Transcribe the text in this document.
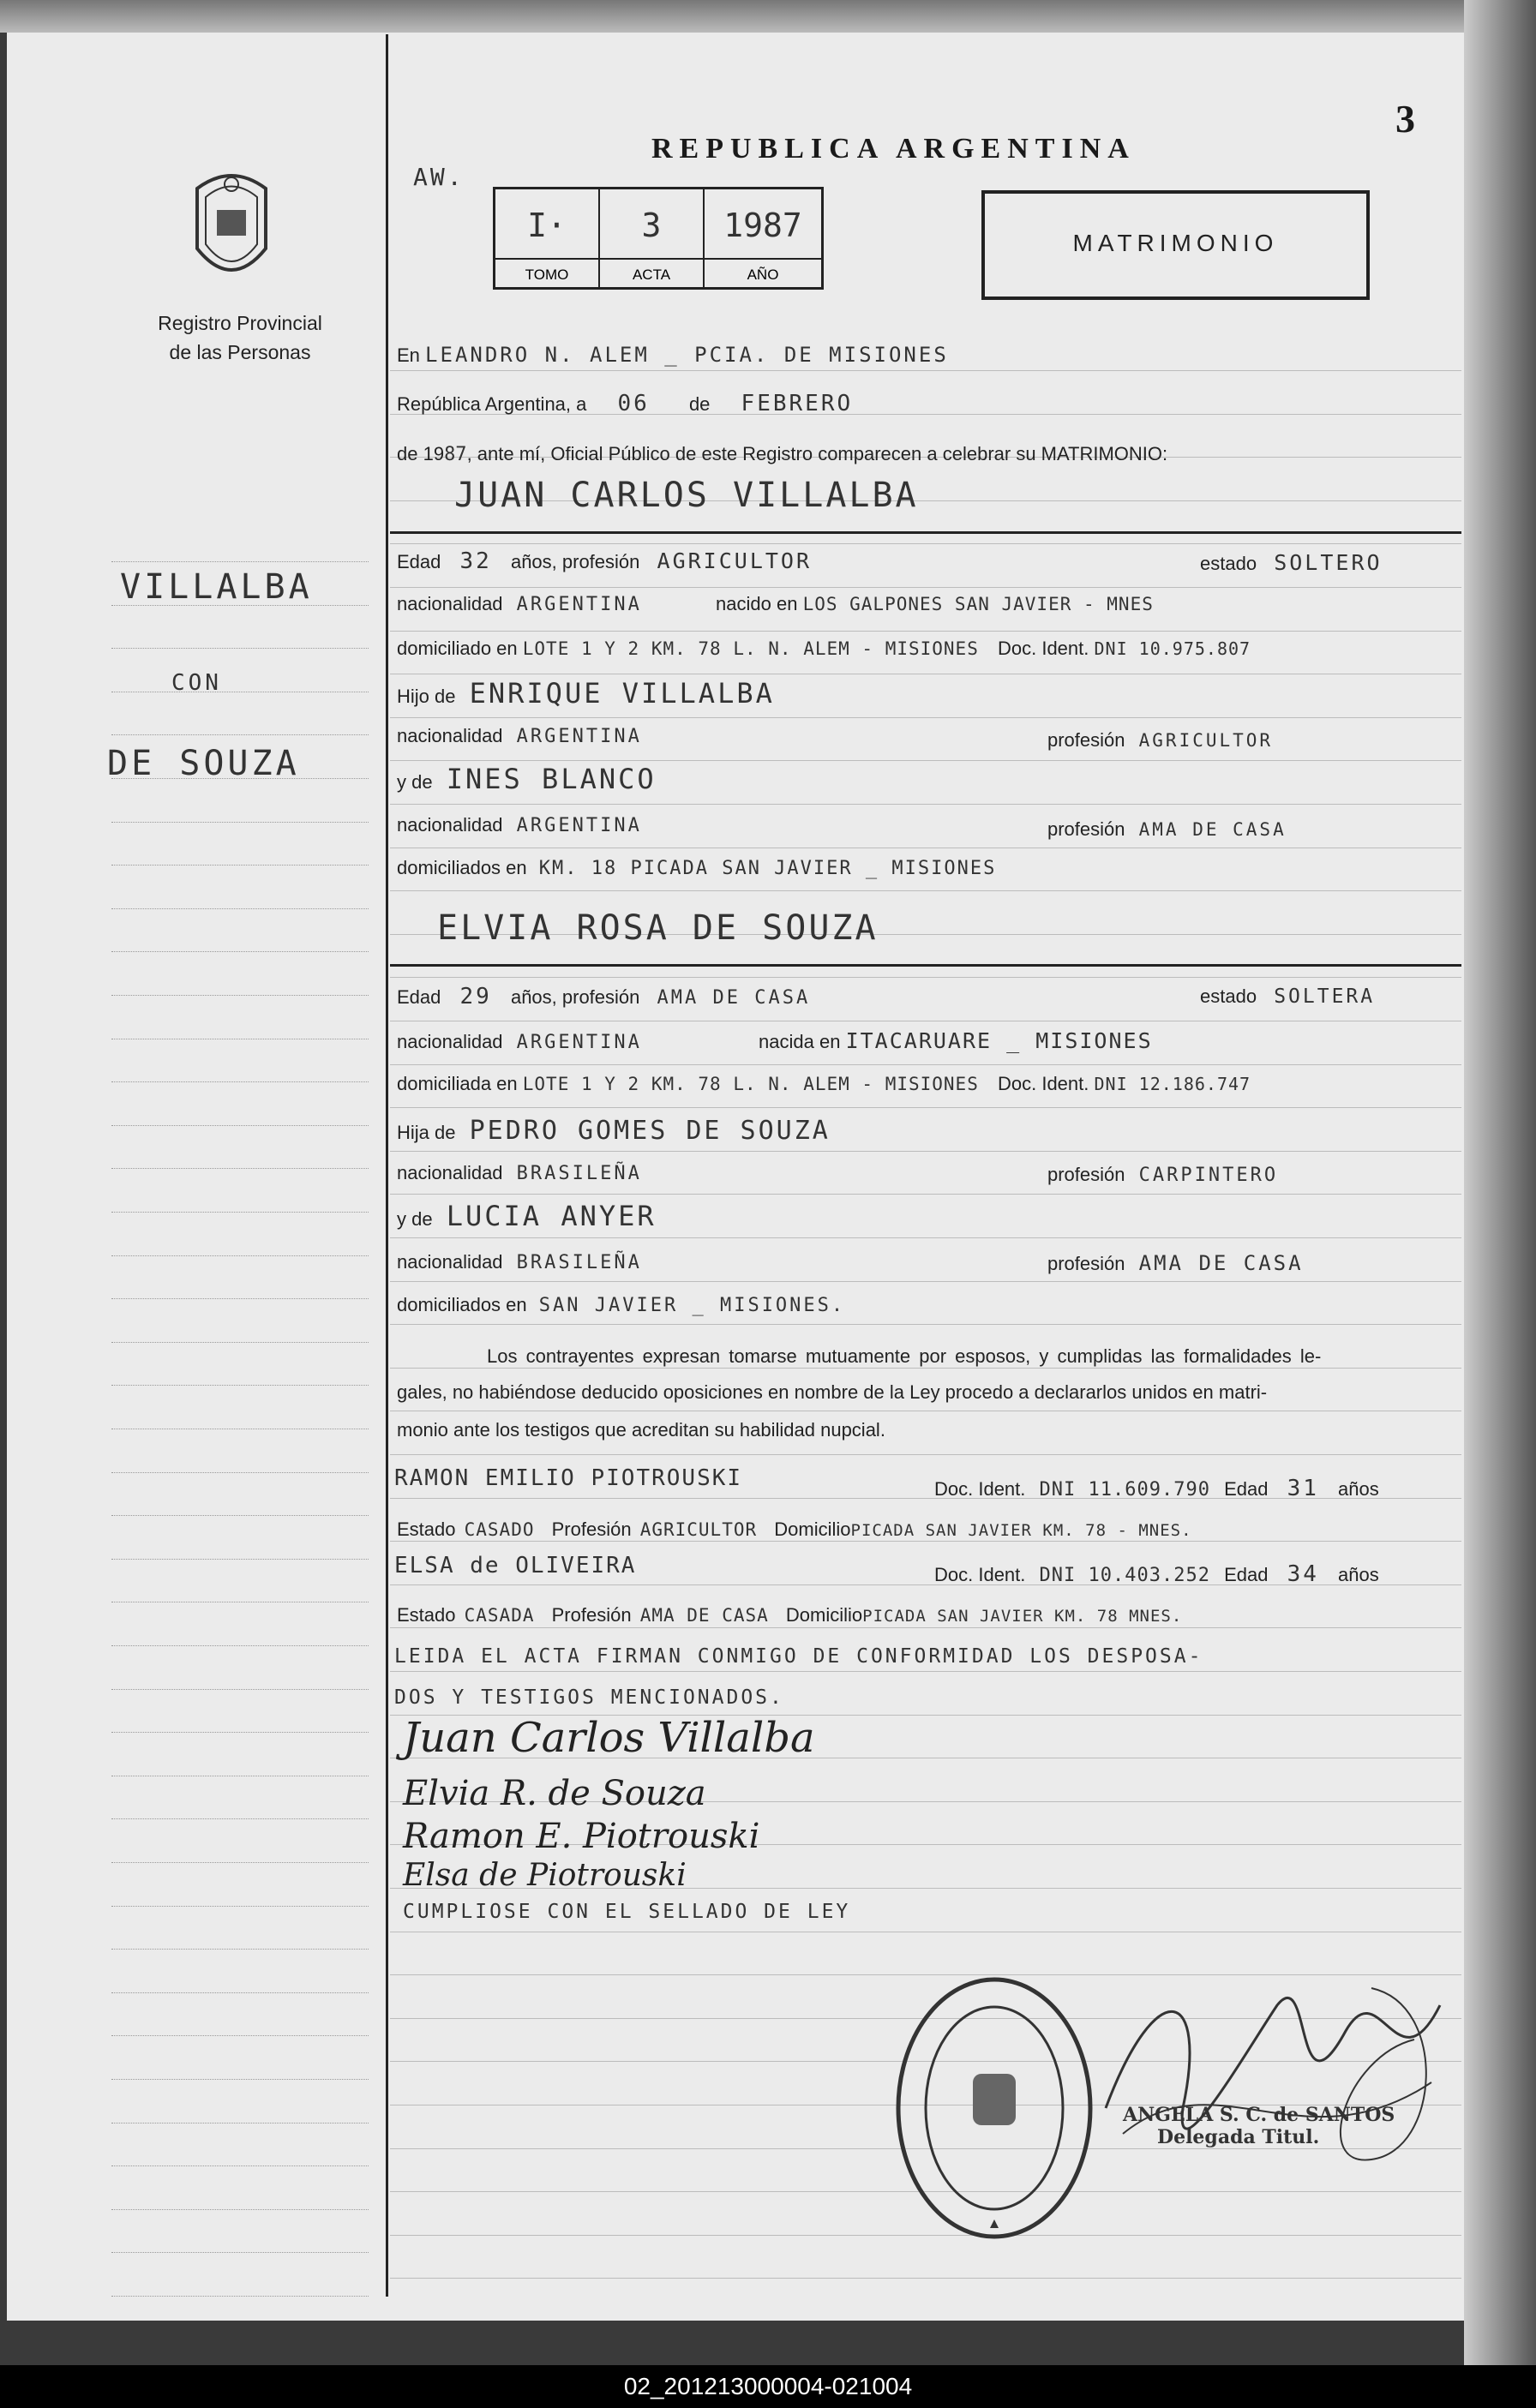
AW.
REPUBLICA ARGENTINA
3
I·
TOMO
3
ACTA
1987
AÑO
MATRIMONIO
Registro Provincial
de las Personas
VILLALBA
CON
DE SOUZA
En LEANDRO N. ALEM _ PCIA. DE MISIONES
República Argentina, a 06 de FEBRERO
de 1987, ante mí, Oficial Público de este Registro comparecen a celebrar su MATRIMONIO:
JUAN CARLOS VILLALBA
Edad 32 años, profesión AGRICULTOR	estado SOLTERO
nacionalidad ARGENTINA	nacido en LOS GALPONES SAN JAVIER - MNES
domiciliado en LOTE 1 Y 2 KM. 78 L. N. ALEM - MISIONES Doc. Ident. DNI 10.975.807
Hijo de ENRIQUE VILLALBA
nacionalidad ARGENTINA	profesión AGRICULTOR
y de INES BLANCO
nacionalidad ARGENTINA	profesión AMA DE CASA
domiciliados en KM. 18 PICADA SAN JAVIER _ MISIONES
ELVIA ROSA DE SOUZA
Edad 29 años, profesión AMA DE CASA	estado SOLTERA
nacionalidad ARGENTINA	nacida en ITACARUARE _ MISIONES
domiciliada en LOTE 1 Y 2 KM. 78 L. N. ALEM - MISIONES Doc. Ident. DNI 12.186.747
Hija de PEDRO GOMES DE SOUZA
nacionalidad BRASILEÑA	profesión CARPINTERO
y de LUCIA ANYER
nacionalidad BRASILEÑA	profesión AMA DE CASA
domiciliados en SAN JAVIER _ MISIONES.
Los contrayentes expresan tomarse mutuamente por esposos, y cumplidas las formalidades le-
gales, no habiéndose deducido oposiciones en nombre de la Ley procedo a declararlos unidos en matri-
monio ante los testigos que acreditan su habilidad nupcial.
RAMON EMILIO PIOTROUSKI	Doc. Ident. DNI 11.609.790 Edad 31 años
Estado CASADO Profesión AGRICULTOR DomicilioPICADA SAN JAVIER KM. 78 - MNES.
ELSA de OLIVEIRA	Doc. Ident. DNI 10.403.252 Edad 34 años
Estado CASADA Profesión AMA DE CASA DomicilioPICADA SAN JAVIER KM. 78 MNES.
LEIDA EL ACTA FIRMAN CONMIGO DE CONFORMIDAD LOS DESPOSA-
DOS Y TESTIGOS MENCIONADOS.
Juan Carlos Villalba
Elvia R. de Souza
Ramon E. Piotrouski
Elsa de Piotrouski
CUMPLIOSE CON EL SELLADO DE LEY
ANGELA S. C. de SANTOS
Delegada Titul.
02_201213000004-021004
